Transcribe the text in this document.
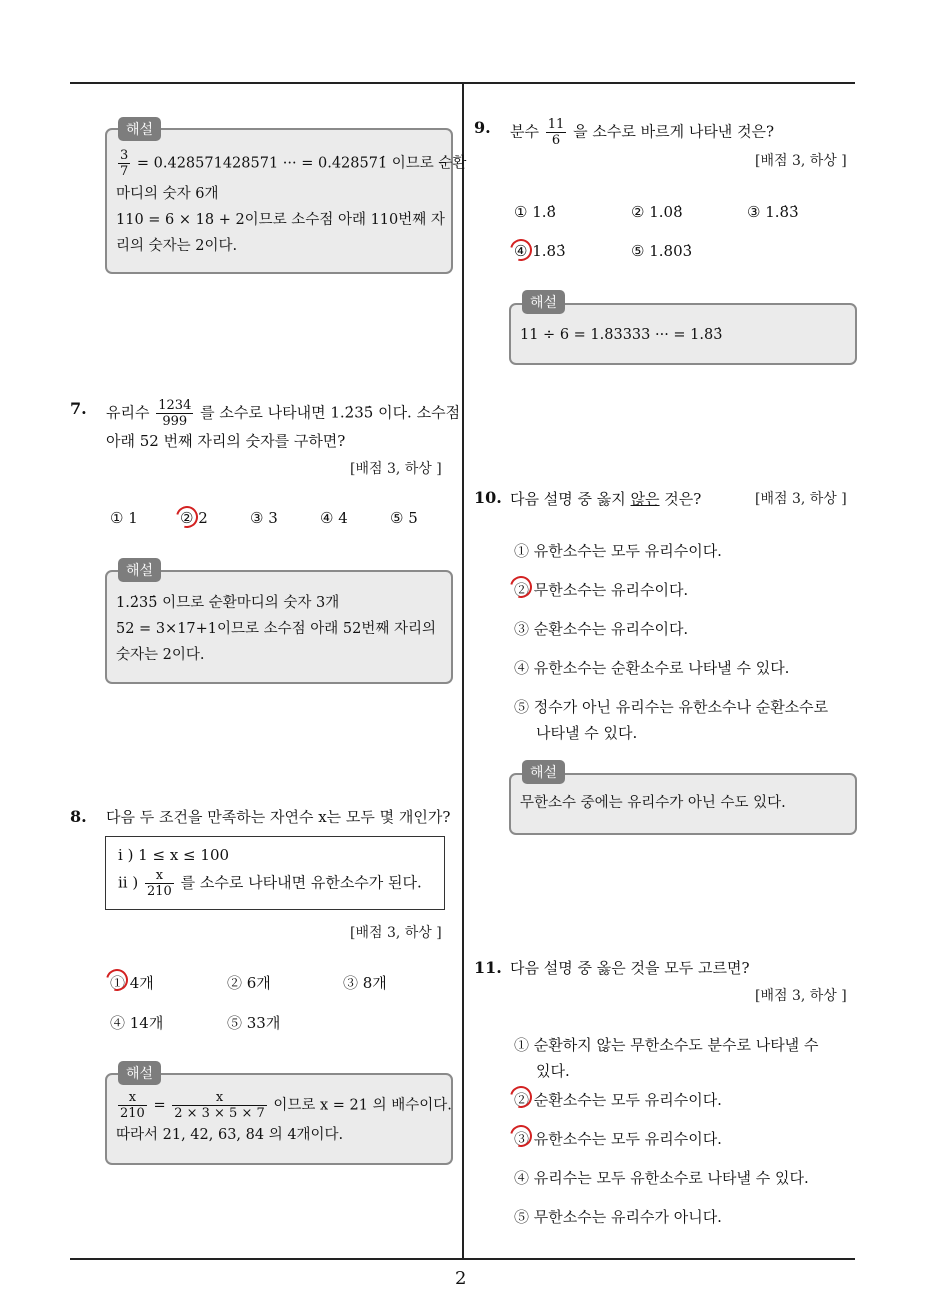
2
해설
$\frac{3}{7} = 0.428571428571$ ··· = 0.4̇28571̇ 이므로 순환
마디의 숫자 6개
110 = 6 × 18 + 2이므로 소수점 아래 110번째 자
리의 숫자는 2이다.
7. 유리수 $\frac{1234}{999}$ 를 소수로 나타내면 1.2̇35̇ 이다. 소수점
아래 52 번째 자리의 숫자를 구하면?
[배점 3, 하상 ]
① 1	② 2	③ 3	④ 4	⑤ 5
해설
1.2̇35̇ 이므로 순환마디의 숫자 3개
52 = 3×17+1이므로 소수점 아래 52번째 자리의
숫자는 2이다.
8. 다음 두 조건을 만족하는 자연수 x는 모두 몇 개인가?
i ) 1 ≤ x ≤ 100
ii ) $\frac{x}{210}$ 를 소수로 나타내면 유한소수가 된다.
[배점 3, 하상 ]
① 4개	② 6개	③ 8개
④ 14개	⑤ 33개
해설
$\frac{x}{210} = \frac{x}{2 \times 3 \times 5 \times 7}$ 이므로 x = 21 의 배수이다.
따라서 21, 42, 63, 84 의 4개이다.
9. 분수 $\frac{11}{6}$ 을 소수로 바르게 나타낸 것은?
[배점 3, 하상 ]
① 1.8̇	② 1.08̇	③ 1.8̇3̇
④ 1.83̇	⑤ 1.803̇
해설
11 ÷ 6 = 1.83333 ··· = 1.83̇
10. 다음 설명 중 옳지 않은 것은?	[배점 3, 하상 ]
① 유한소수는 모두 유리수이다.
② 무한소수는 유리수이다.
③ 순환소수는 유리수이다.
④ 유한소수는 순환소수로 나타낼 수 있다.
⑤ 정수가 아닌 유리수는 유한소수나 순환소수로
나타낼 수 있다.
해설
무한소수 중에는 유리수가 아닌 수도 있다.
11. 다음 설명 중 옳은 것을 모두 고르면?
[배점 3, 하상 ]
① 순환하지 않는 무한소수도 분수로 나타낼 수
있다.
② 순환소수는 모두 유리수이다.
③ 유한소수는 모두 유리수이다.
④ 유리수는 모두 유한소수로 나타낼 수 있다.
⑤ 무한소수는 유리수가 아니다.
